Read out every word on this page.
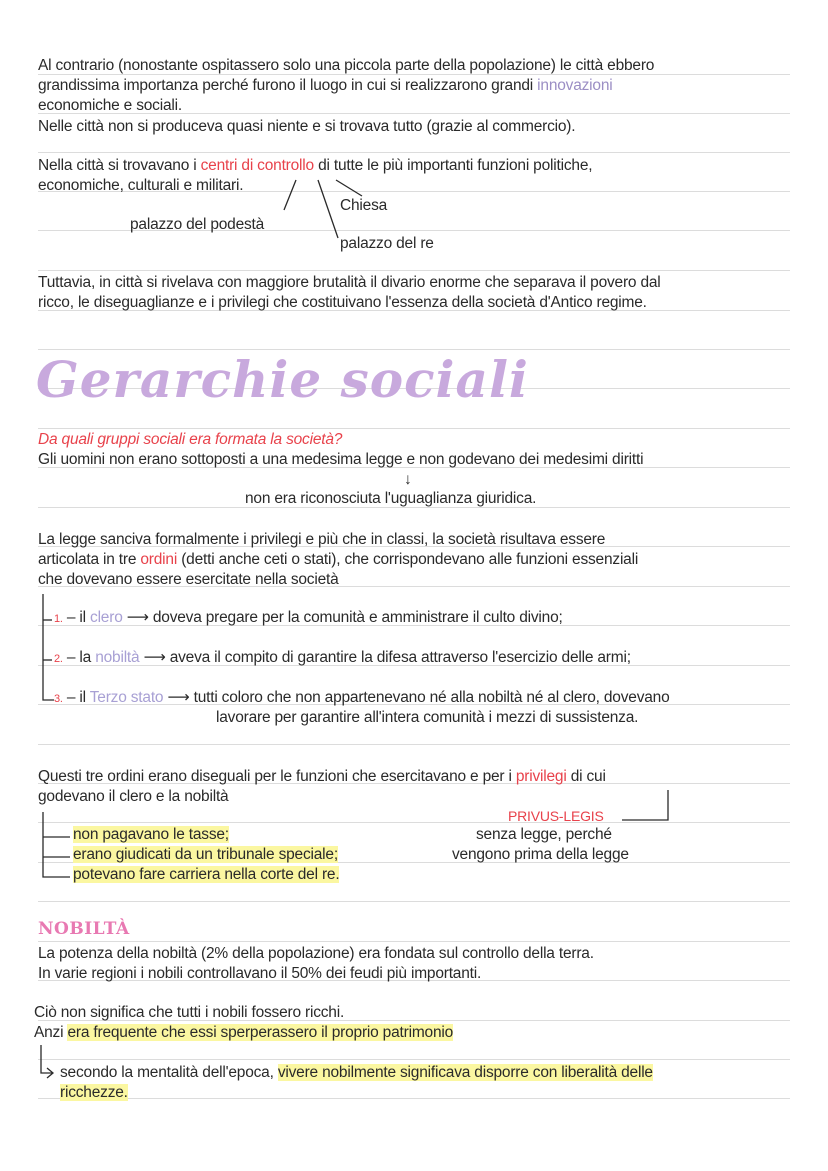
Al contrario (nonostante ospitassero solo una piccola parte della popolazione) le città ebbero
grandissima importanza perché furono il luogo in cui si realizzarono grandi innovazioni
economiche e sociali.
Nelle città non si produceva quasi niente e si trovava tutto (grazie al commercio).
Nella città si trovavano i centri di controllo di tutte le più importanti funzioni politiche,
economiche, culturali e militari.
Chiesa
palazzo del podestà
palazzo del re
Tuttavia, in città si rivelava con maggiore brutalità il divario enorme che separava il povero dal
ricco, le diseguaglianze e i privilegi che costituivano l'essenza della società d'Antico regime.
Gerarchie sociali
Da quali gruppi sociali era formata la società?
Gli uomini non erano sottoposti a una medesima legge e non godevano dei medesimi diritti
↓
non era riconosciuta l'uguaglianza giuridica.
La legge sanciva formalmente i privilegi e più che in classi, la società risultava essere
articolata in tre ordini (detti anche ceti o stati), che corrispondevano alle funzioni essenziali
che dovevano essere esercitate nella società
1. – il clero ⟶ doveva pregare per la comunità e amministrare il culto divino;
2. – la nobiltà ⟶ aveva il compito di garantire la difesa attraverso l'esercizio delle armi;
3. – il Terzo stato ⟶ tutti coloro che non appartenevano né alla nobiltà né al clero, dovevano
lavorare per garantire all'intera comunità i mezzi di sussistenza.
Questi tre ordini erano diseguali per le funzioni che esercitavano e per i privilegi di cui
godevano il clero e la nobiltà
PRIVUS-LEGIS
senza legge, perché
vengono prima della legge
non pagavano le tasse;
erano giudicati da un tribunale speciale;
potevano fare carriera nella corte del re.
NOBILTÀ
La potenza della nobiltà (2% della popolazione) era fondata sul controllo della terra.
In varie regioni i nobili controllavano il 50% dei feudi più importanti.
Ciò non significa che tutti i nobili fossero ricchi.
Anzi era frequente che essi sperperassero il proprio patrimonio
secondo la mentalità dell'epoca, vivere nobilmente significava disporre con liberalità delle
ricchezze.
